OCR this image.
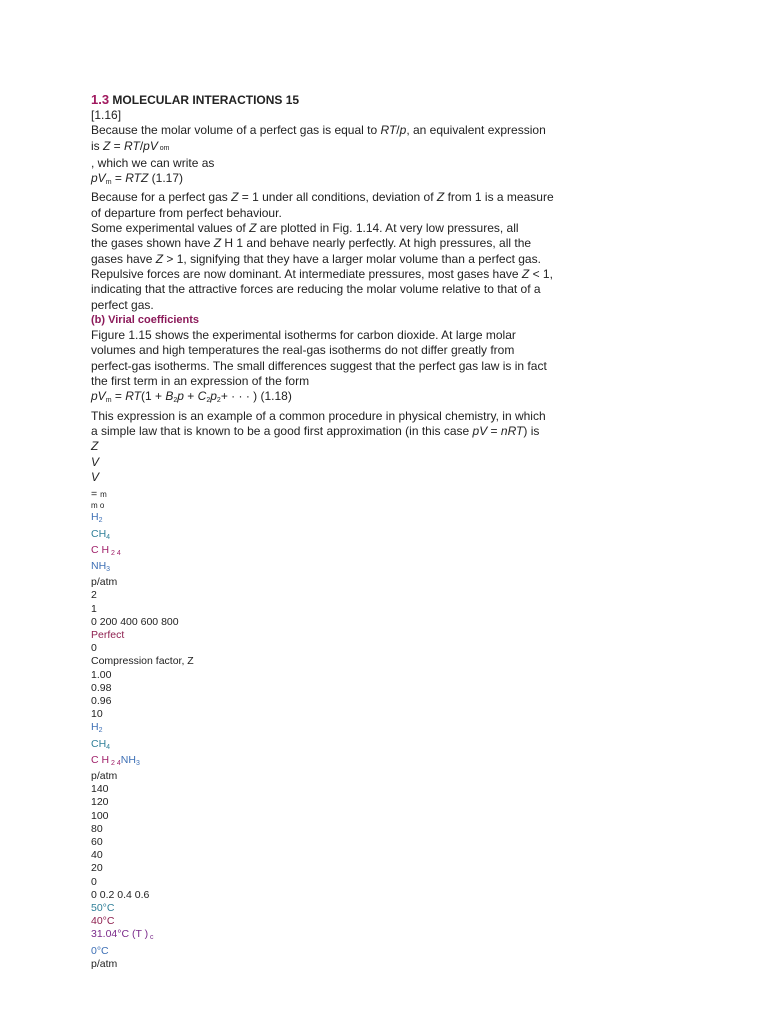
1.3 MOLECULAR INTERACTIONS 15
[1.16]
Because the molar volume of a perfect gas is equal to RT/p, an equivalent expression
is Z = RT/pV om
, which we can write as
pVm = RTZ (1.17)
Because for a perfect gas Z = 1 under all conditions, deviation of Z from 1 is a measure
of departure from perfect behaviour.
Some experimental values of Z are plotted in Fig. 1.14. At very low pressures, all
the gases shown have Z H 1 and behave nearly perfectly. At high pressures, all the
gases have Z > 1, signifying that they have a larger molar volume than a perfect gas.
Repulsive forces are now dominant. At intermediate pressures, most gases have Z < 1,
indicating that the attractive forces are reducing the molar volume relative to that of a
perfect gas.
(b) Virial coefficients
Figure 1.15 shows the experimental isotherms for carbon dioxide. At large molar
volumes and high temperatures the real-gas isotherms do not differ greatly from
perfect-gas isotherms. The small differences suggest that the perfect gas law is in fact
the first term in an expression of the form
pVm = RT(1 + B2p + C2p2+ · · · ) (1.18)
This expression is an example of a common procedure in physical chemistry, in which
a simple law that is known to be a good first approximation (in this case pV = nRT) is
Z
V
V
= m
m o
H2
CH4
C H 2 4
NH3
p/atm
2
1
0 200 400 600 800
Perfect
0
Compression factor, Z
1.00
0.98
0.96
10
H2
CH4
C H 2 4NH3
p/atm
140
120
100
80
60
40
20
0
0 0.2 0.4 0.6
50°C
40°C
31.04°C (T ) c
0°C
p/atm
